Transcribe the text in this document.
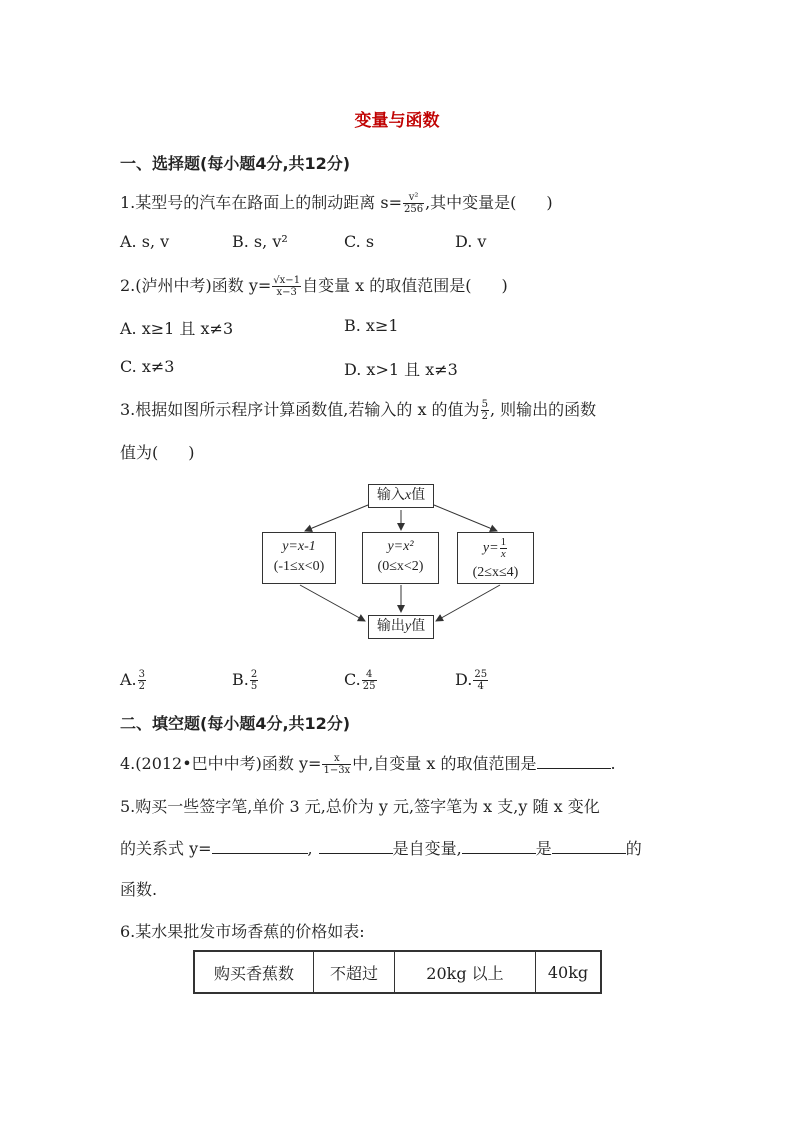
变量与函数
一、选择题(每小题4分,共12分)
1.某型号的汽车在路面上的制动距离 $s= \frac{\text{v²}}{256}$ ,其中变量是( )
A. s, v	B. s, v²	C. s	D. v
2.(泸州中考)函数 $y= \frac{√x-1}{x-3}$ 自变量 x 的取值范围是( )
A. x≥1 且 x≠3	B. x≥1
C. x≠3	D. x>1 且 x≠3
3.根据如图所示程序计算函数值,若输入的 x 的值为 $\frac{5}{2}$ , 则输出的函数
值为( )
输入x值
y=x-1
(-1≤x<0)
y=x²
(0≤x<2)
$y= \frac{1}{x}$
(2≤x≤4)
输出y值
A. $\frac{3}{2}$	B. $\frac{2}{5}$	C. $\frac{4}{25}$	D. $\frac{25}{4}$
二、填空题(每小题4分,共12分)
4.(2012•巴中中考)函数 $y= \frac{x}{1-3x}$ 中,自变量 x 的取值范围是	.
5.购买一些签字笔,单价 3 元,总价为 y 元,签字笔为 x 支,y 随 x 变化
的关系式 y=	,	是自变量,	是	的
函数.
6.某水果批发市场香蕉的价格如表:
购买香蕉数	不超过	20kg 以上	40kg
